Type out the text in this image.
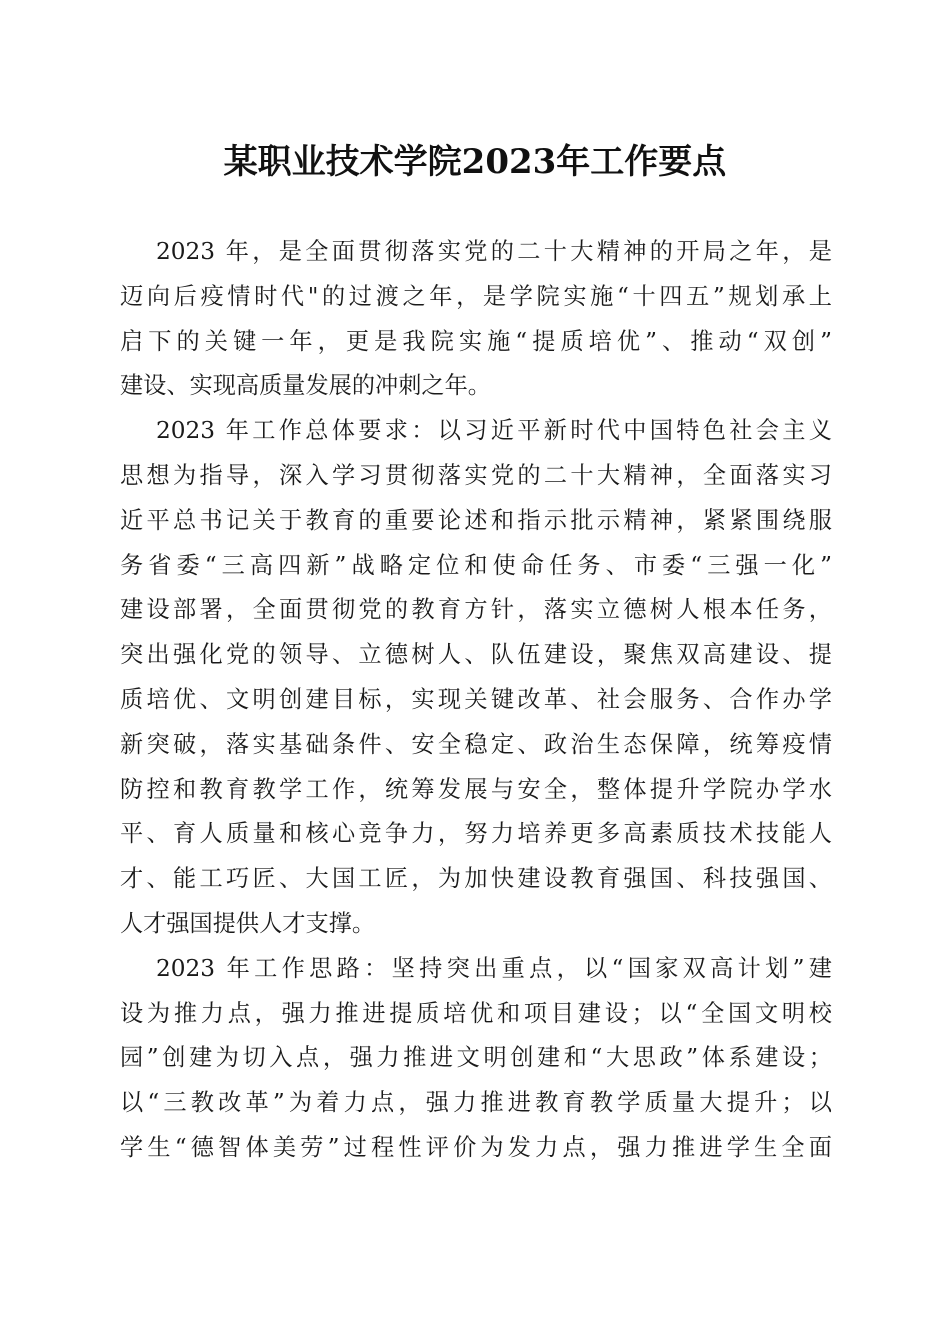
某职业技术学院2023年工作要点

2023 年，是全面贯彻落实党的二十大精神的开局之年，是
迈向后疫情时代"的过渡之年，是学院实施“十四五”规划承上
启下的关键一年，更是我院实施“提质培优”、推动“双创”
建设、实现高质量发展的冲刺之年。

2023 年工作总体要求：以习近平新时代中国特色社会主义
思想为指导，深入学习贯彻落实党的二十大精神，全面落实习
近平总书记关于教育的重要论述和指示批示精神，紧紧围绕服
务省委“三高四新”战略定位和使命任务、市委“三强一化”
建设部署，全面贯彻党的教育方针，落实立德树人根本任务，
突出强化党的领导、立德树人、队伍建设，聚焦双高建设、提
质培优、文明创建目标，实现关键改革、社会服务、合作办学
新突破，落实基础条件、安全稳定、政治生态保障，统筹疫情
防控和教育教学工作，统筹发展与安全，整体提升学院办学水
平、育人质量和核心竞争力，努力培养更多高素质技术技能人
才、能工巧匠、大国工匠，为加快建设教育强国、科技强国、
人才强国提供人才支撑。

2023 年工作思路：坚持突出重点，以“国家双高计划”建
设为推力点，强力推进提质培优和项目建设；以“全国文明校
园”创建为切入点，强力推进文明创建和“大思政”体系建设；
以“三教改革”为着力点，强力推进教育教学质量大提升；以
学生“德智体美劳”过程性评价为发力点，强力推进学生全面
